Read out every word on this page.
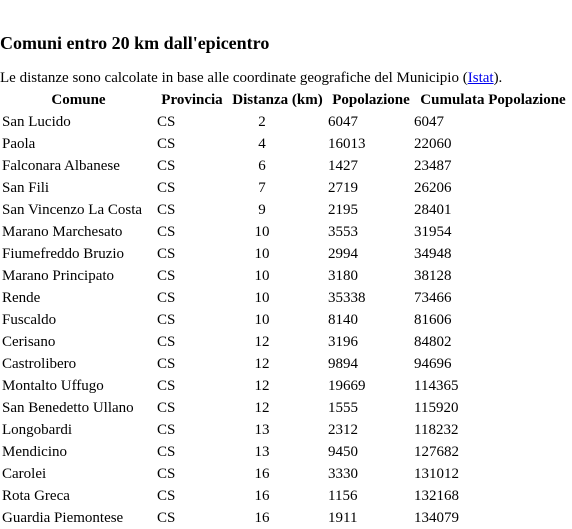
Comuni entro 20 km dall'epicentro

Le distanze sono calcolate in base alle coordinate geografiche del Municipio (Istat).

Comune	Provincia	Distanza (km)	Popolazione	Cumulata Popolazione
San Lucido	CS	2	6047	6047
Paola	CS	4	16013	22060
Falconara Albanese	CS	6	1427	23487
San Fili	CS	7	2719	26206
San Vincenzo La Costa	CS	9	2195	28401
Marano Marchesato	CS	10	3553	31954
Fiumefreddo Bruzio	CS	10	2994	34948
Marano Principato	CS	10	3180	38128
Rende	CS	10	35338	73466
Fuscaldo	CS	10	8140	81606
Cerisano	CS	12	3196	84802
Castrolibero	CS	12	9894	94696
Montalto Uffugo	CS	12	19669	114365
San Benedetto Ullano	CS	12	1555	115920
Longobardi	CS	13	2312	118232
Mendicino	CS	13	9450	127682
Carolei	CS	16	3330	131012
Rota Greca	CS	16	1156	132168
Guardia Piemontese	CS	16	1911	134079
